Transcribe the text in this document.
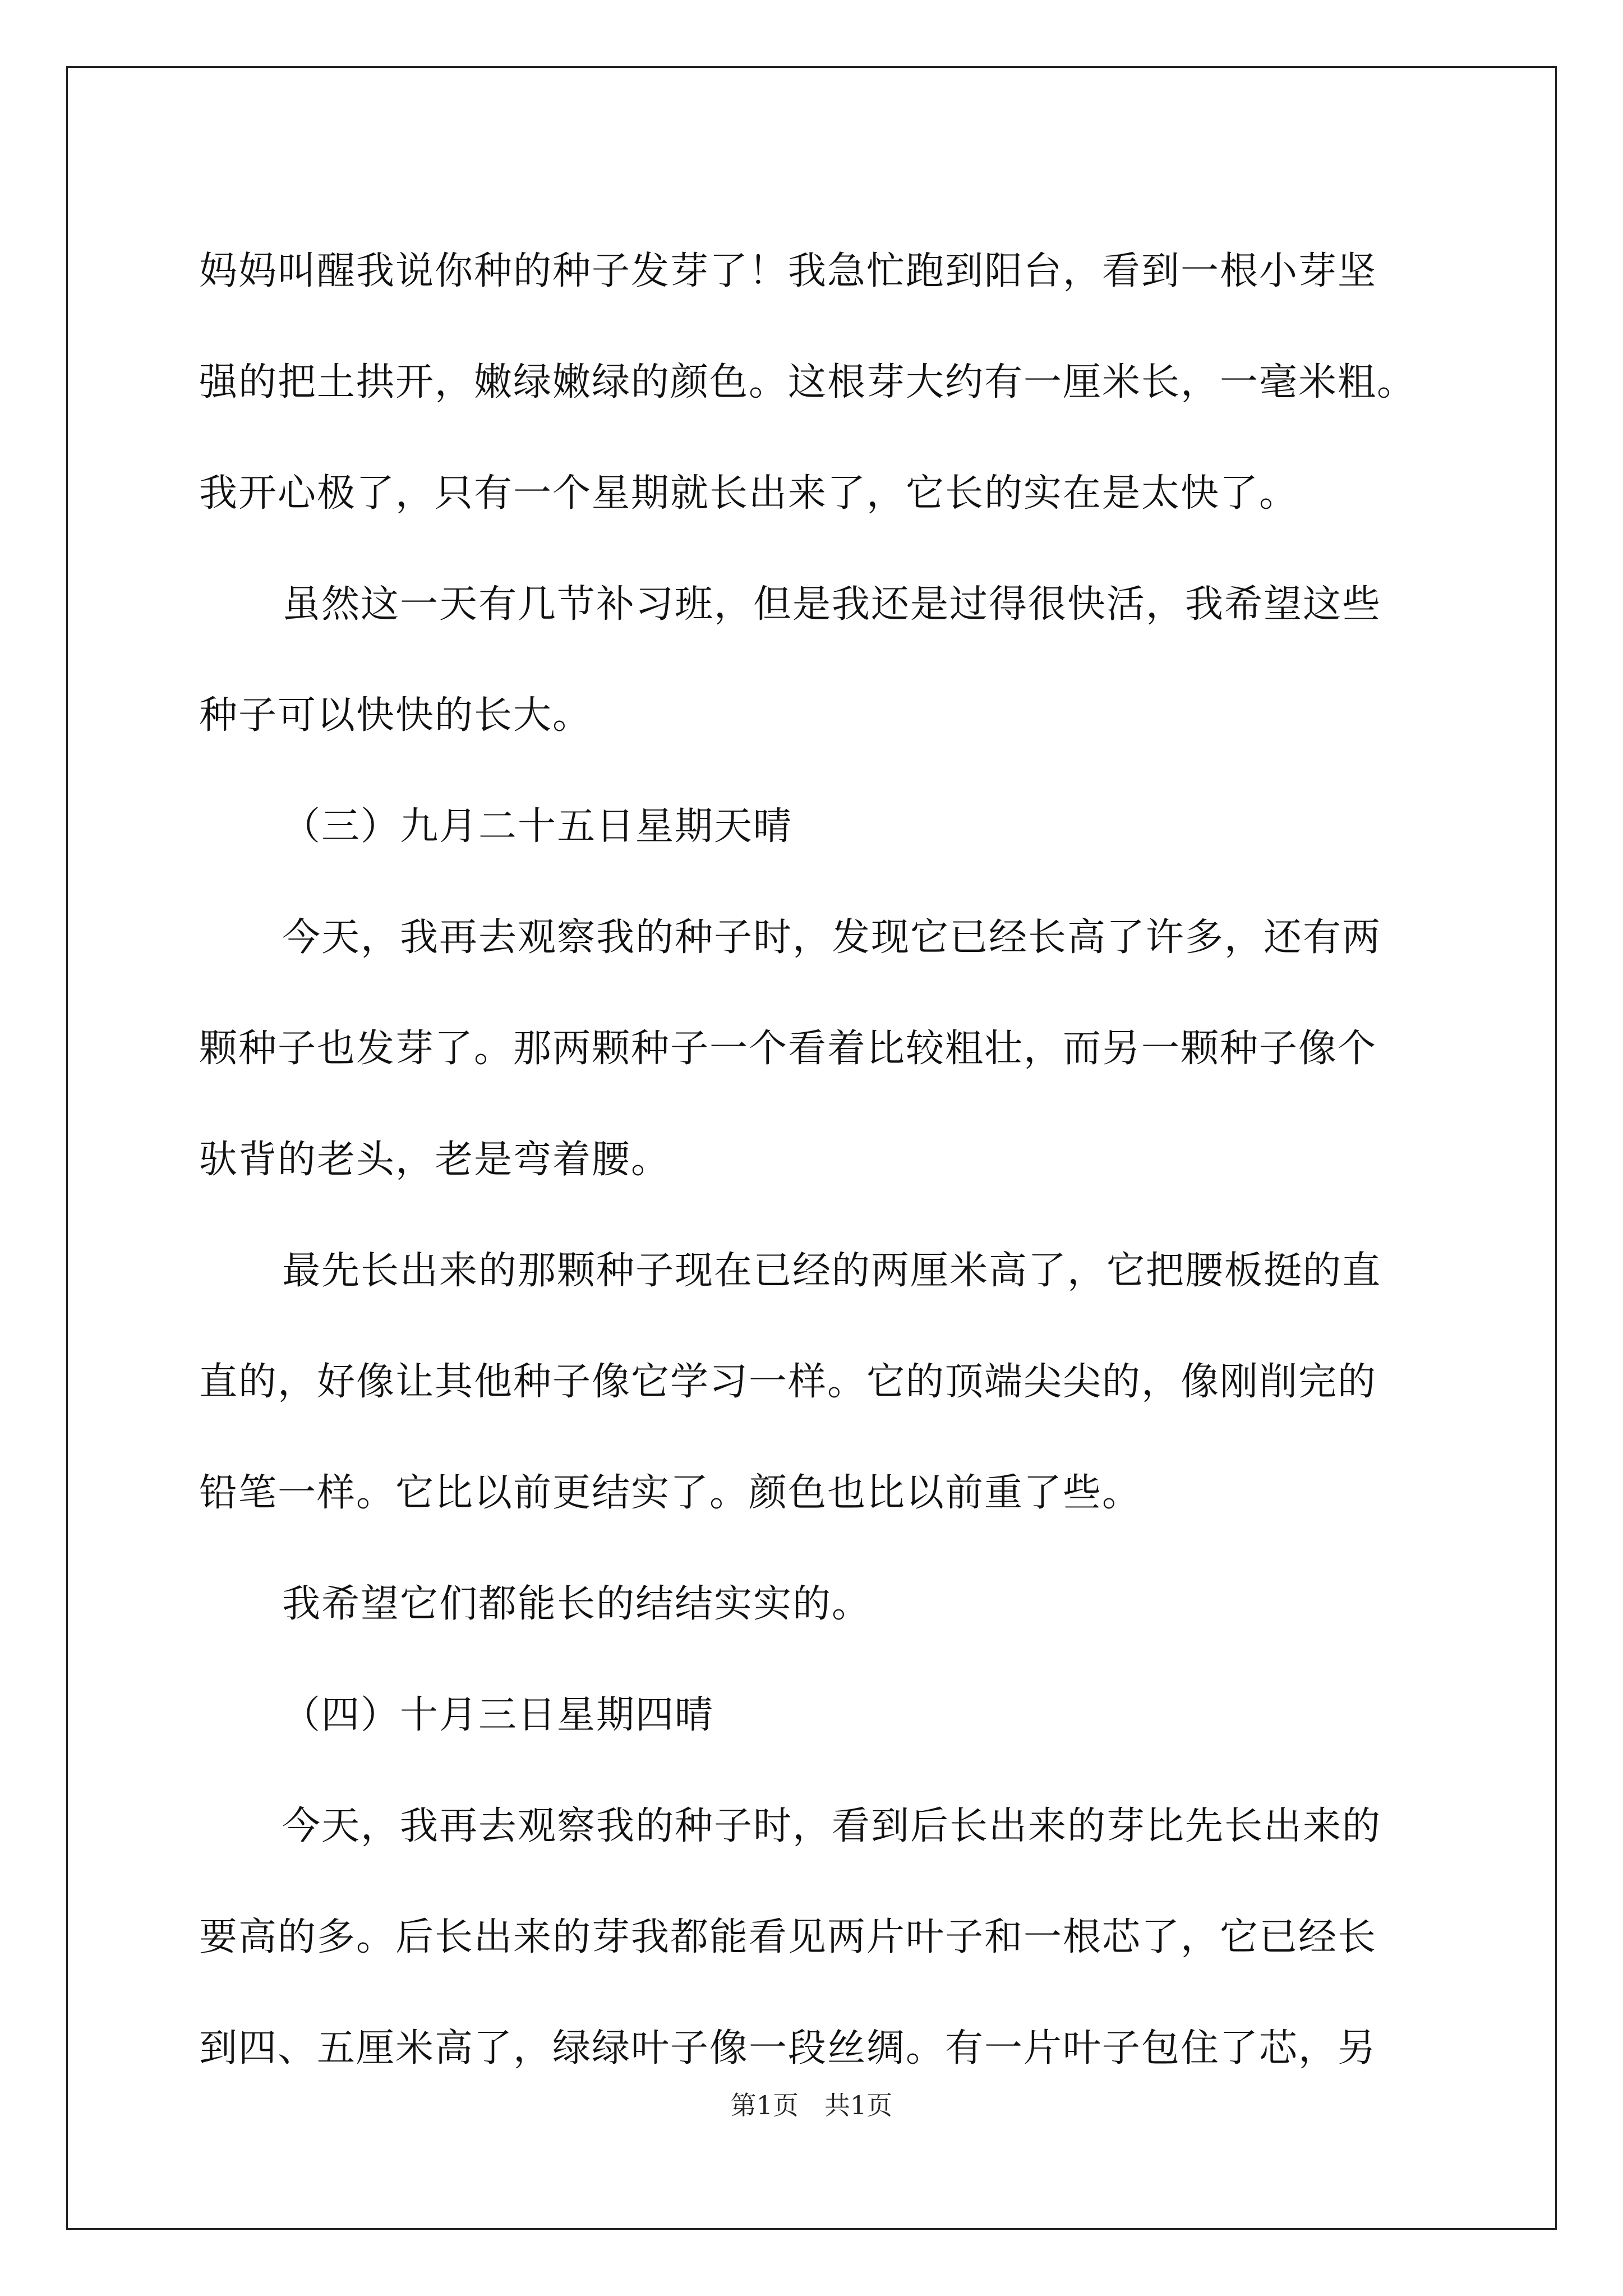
妈妈叫醒我说你种的种子发芽了！我急忙跑到阳台，看到一根小芽坚

强的把土拱开，嫩绿嫩绿的颜色。这根芽大约有一厘米长，一毫米粗。

我开心极了，只有一个星期就长出来了，它长的实在是太快了。

虽然这一天有几节补习班，但是我还是过得很快活，我希望这些

种子可以快快的长大。

（三）九月二十五日星期天晴

今天，我再去观察我的种子时，发现它已经长高了许多，还有两

颗种子也发芽了。那两颗种子一个看着比较粗壮，而另一颗种子像个

驮背的老头，老是弯着腰。

最先长出来的那颗种子现在已经的两厘米高了，它把腰板挺的直

直的，好像让其他种子像它学习一样。它的顶端尖尖的，像刚削完的

铅笔一样。它比以前更结实了。颜色也比以前重了些。

我希望它们都能长的结结实实的。

（四）十月三日星期四晴

今天，我再去观察我的种子时，看到后长出来的芽比先长出来的

要高的多。后长出来的芽我都能看见两片叶子和一根芯了，它已经长

到四、五厘米高了，绿绿叶子像一段丝绸。有一片叶子包住了芯，另

第1页　共1页
